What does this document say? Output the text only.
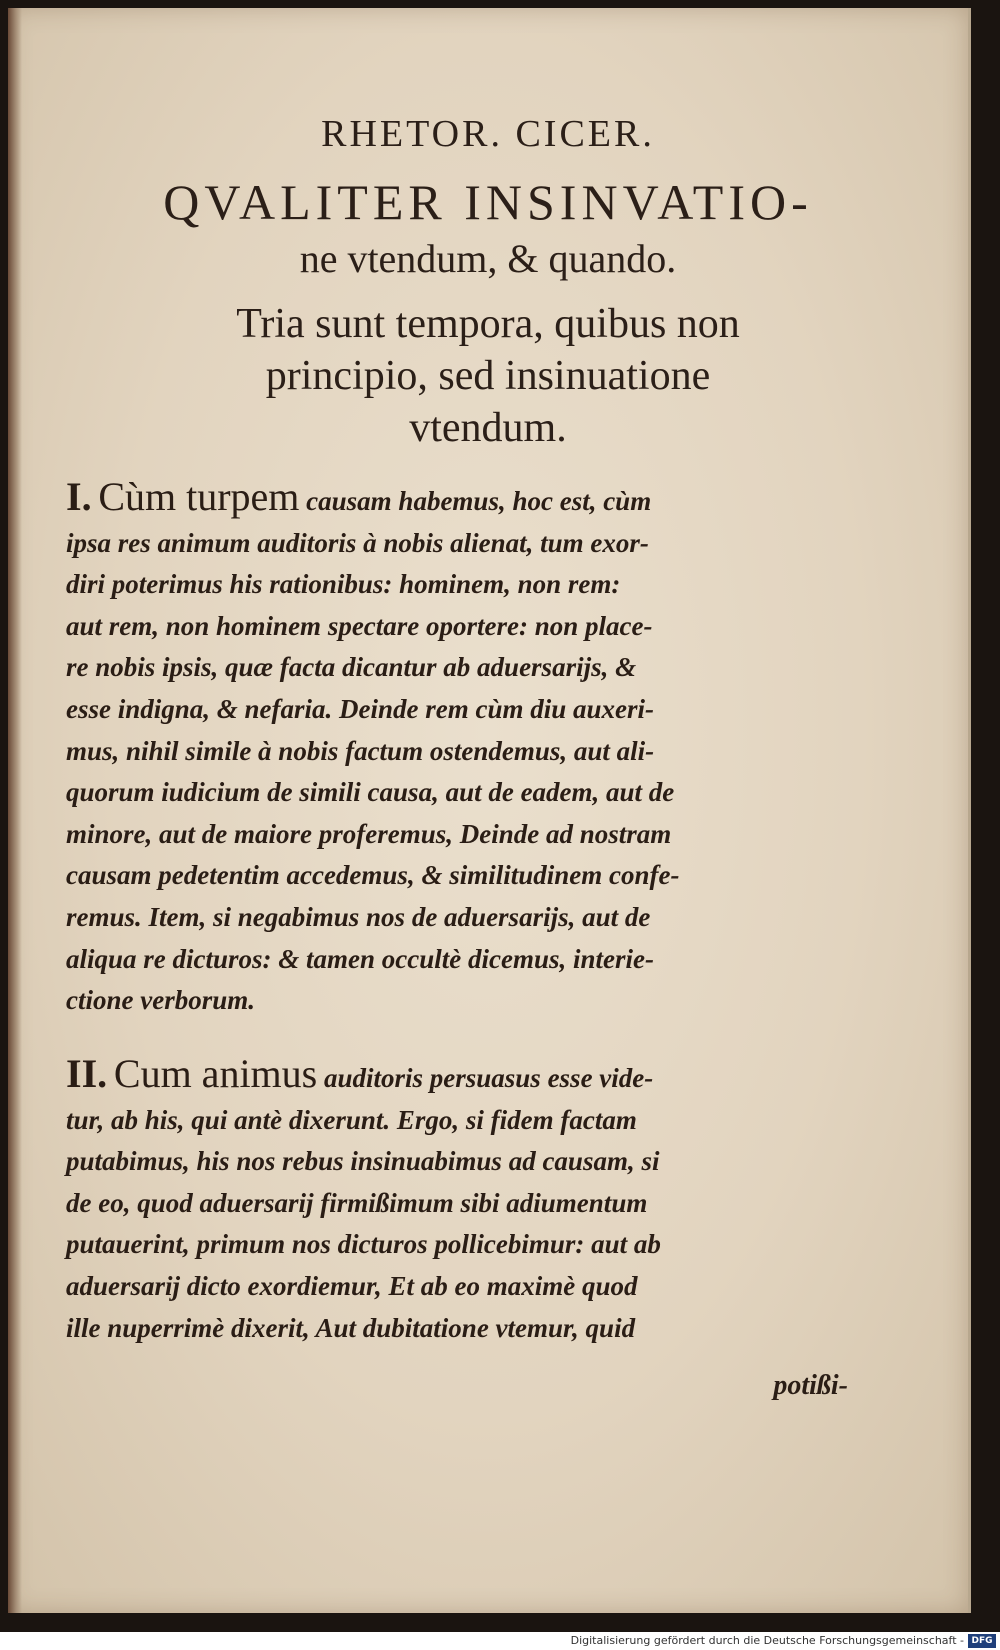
RHETOR. CICER.
QVALITER INSINVATIO-
ne vtendum, & quando.
Tria sunt tempora, quibus non
principio, sed insinuatione
vtendum.
I. Cùm turpem causam habemus, hoc est, cùm
ipsa res animum auditoris à nobis alienat, tum exor-
diri poterimus his rationibus: hominem, non rem:
aut rem, non hominem spectare oportere: non place-
re nobis ipsis, quæ facta dicantur ab aduersarijs, &
esse indigna, & nefaria. Deinde rem cùm diu auxeri-
mus, nihil simile à nobis factum ostendemus, aut ali-
quorum iudicium de simili causa, aut de eadem, aut de
minore, aut de maiore proferemus, Deinde ad nostram
causam pedetentim accedemus, & similitudinem confe-
remus. Item, si negabimus nos de aduersarijs, aut de
aliqua re dicturos: & tamen occultè dicemus, interie-
ctione verborum.
II. Cum animus auditoris persuasus esse vide-
tur, ab his, qui antè dixerunt. Ergo, si fidem factam
putabimus, his nos rebus insinuabimus ad causam, si
de eo, quod aduersarij firmißimum sibi adiumentum
putauerint, primum nos dicturos pollicebimur: aut ab
aduersarij dicto exordiemur, Et ab eo maximè quod
ille nuperrimè dixerit, Aut dubitatione vtemur, quid
potißi-
Digitalisierung gefördert durch die Deutsche Forschungsgemeinschaft - DFG
